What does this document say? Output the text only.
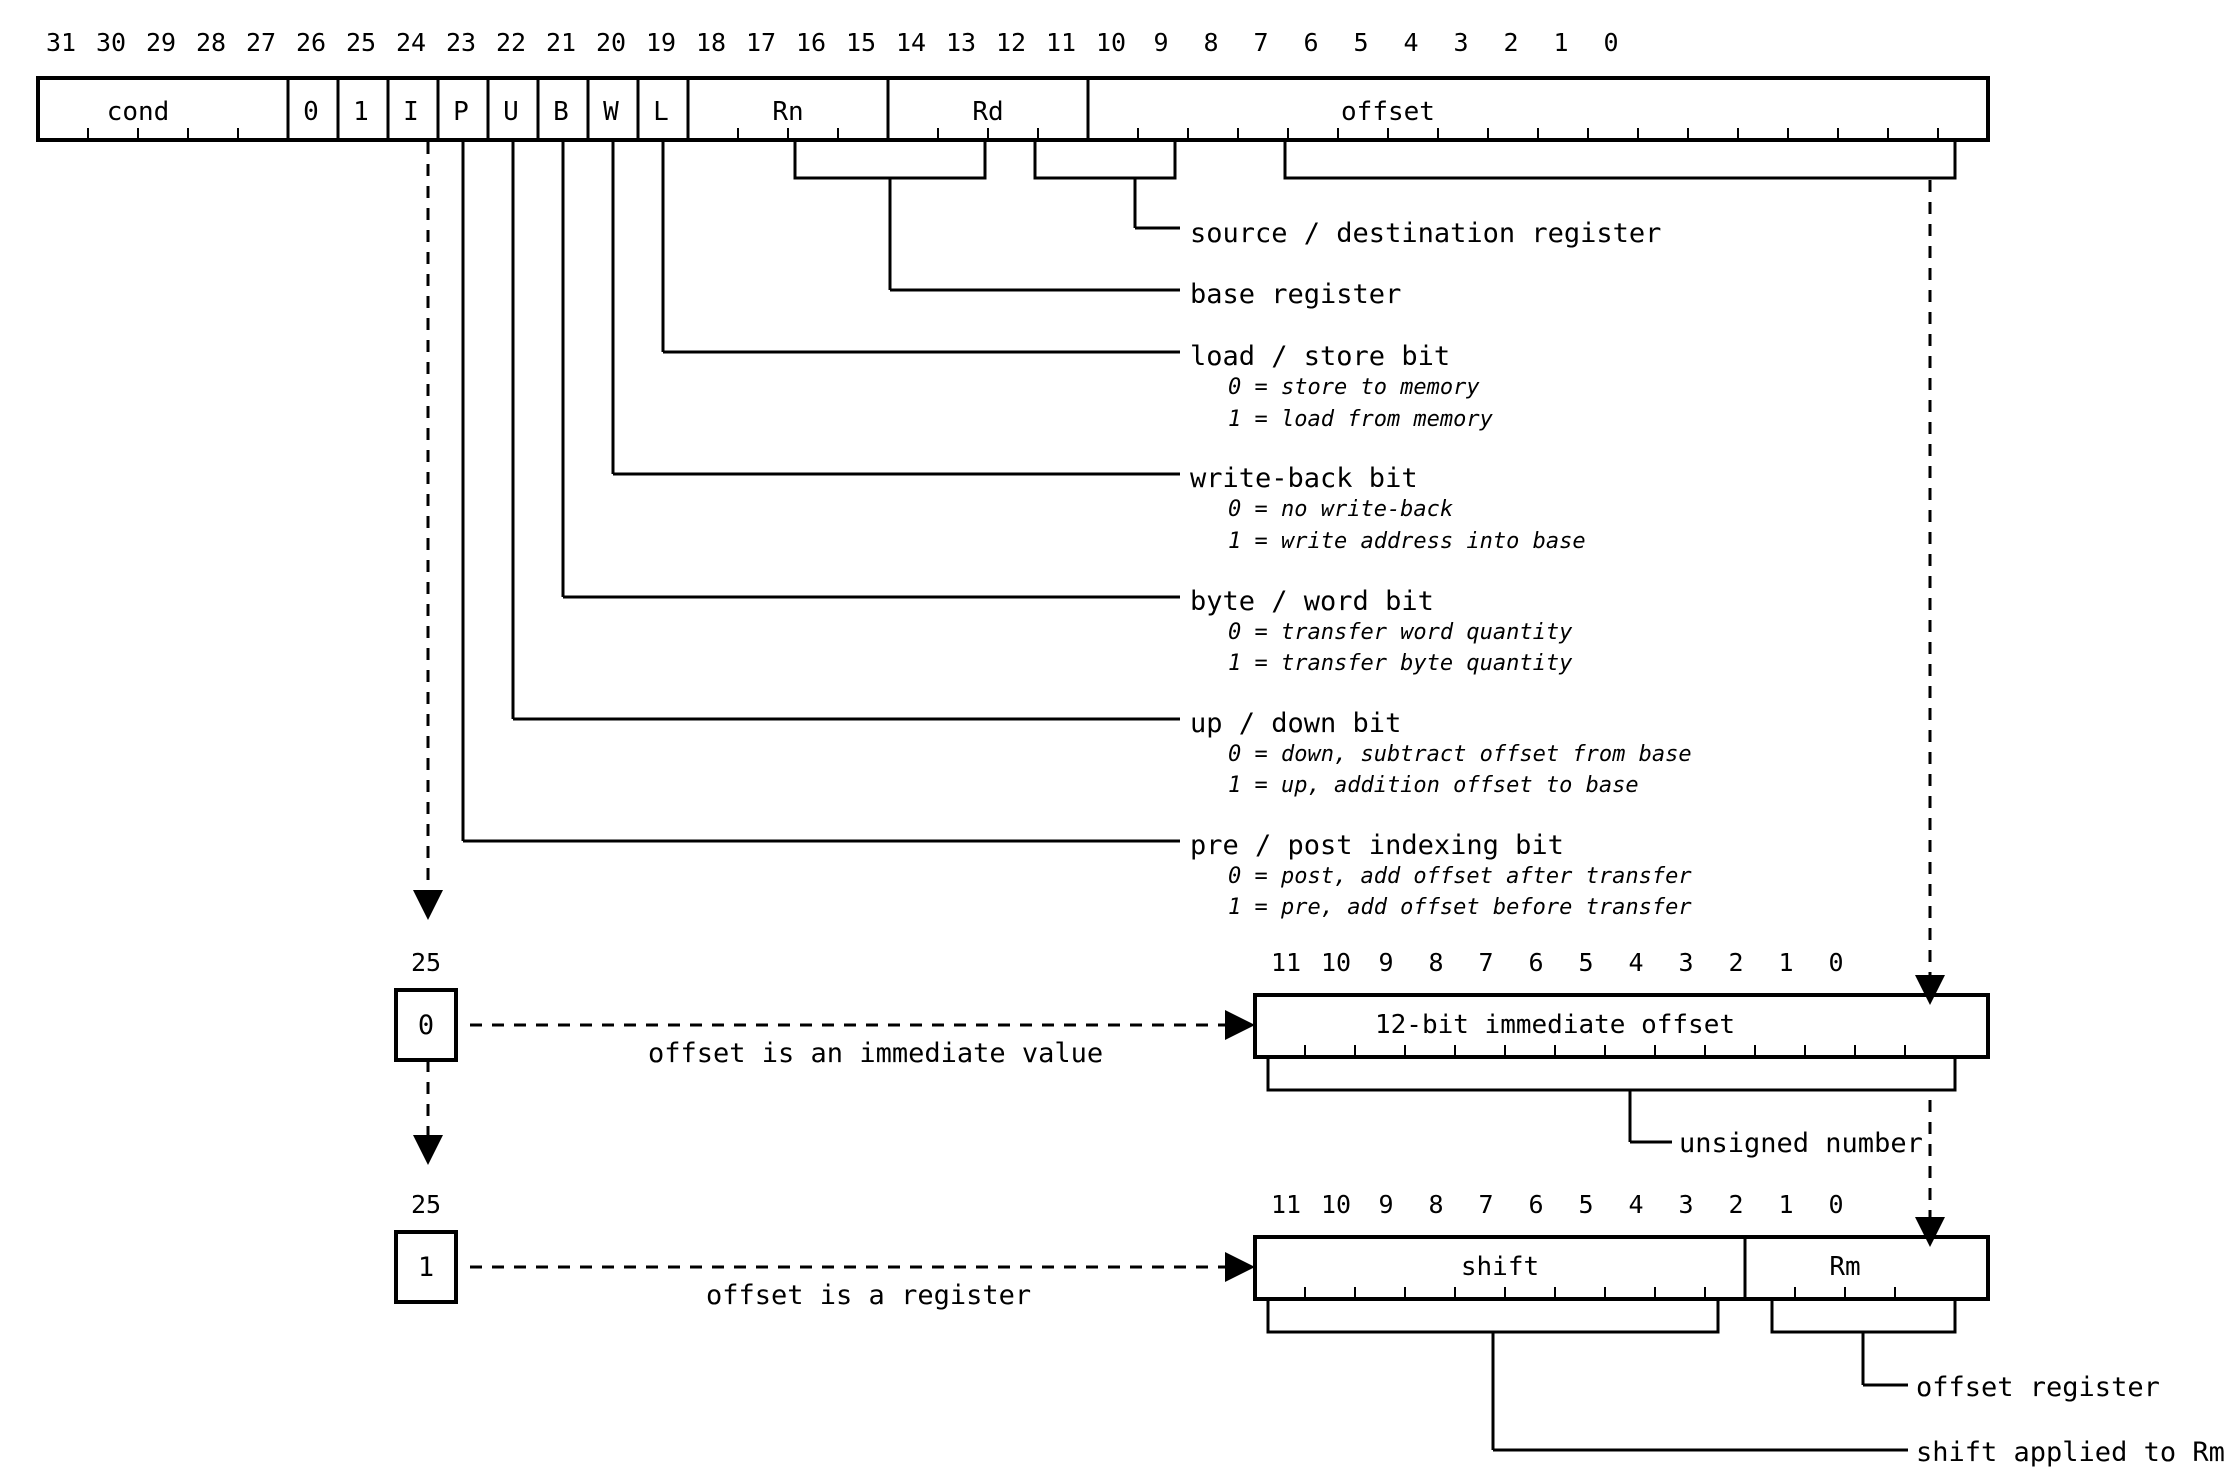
31 30 29 28 27 26 25 24 23 22 21 20 19 18 17 16 15 14 13 12 11 10	9	8	7	6	5	4	3	2	1	0
cond	0	1	I	P	U	B	W	L	Rn	Rd	offset
source / destination register
base register
load / store bit
0 = store to memory
1 = load from memory
write-back bit
0 = no write-back
1 = write address into base
byte / word bit
0 = transfer word quantity
1 = transfer byte quantity
up / down bit
0 = down, subtract offset from base
1 = up, addition offset to base
pre / post indexing bit
0 = post, add offset after transfer
1 = pre, add offset before transfer
25
0
offset is an immediate value
11 10	9	8	7	6	5	4	3	2	1	0
12-bit immediate offset
unsigned number
25
1
offset is a register
11 10	9	8	7	6	5	4	3	2	1	0
shift	Rm
offset register
shift applied to Rm
